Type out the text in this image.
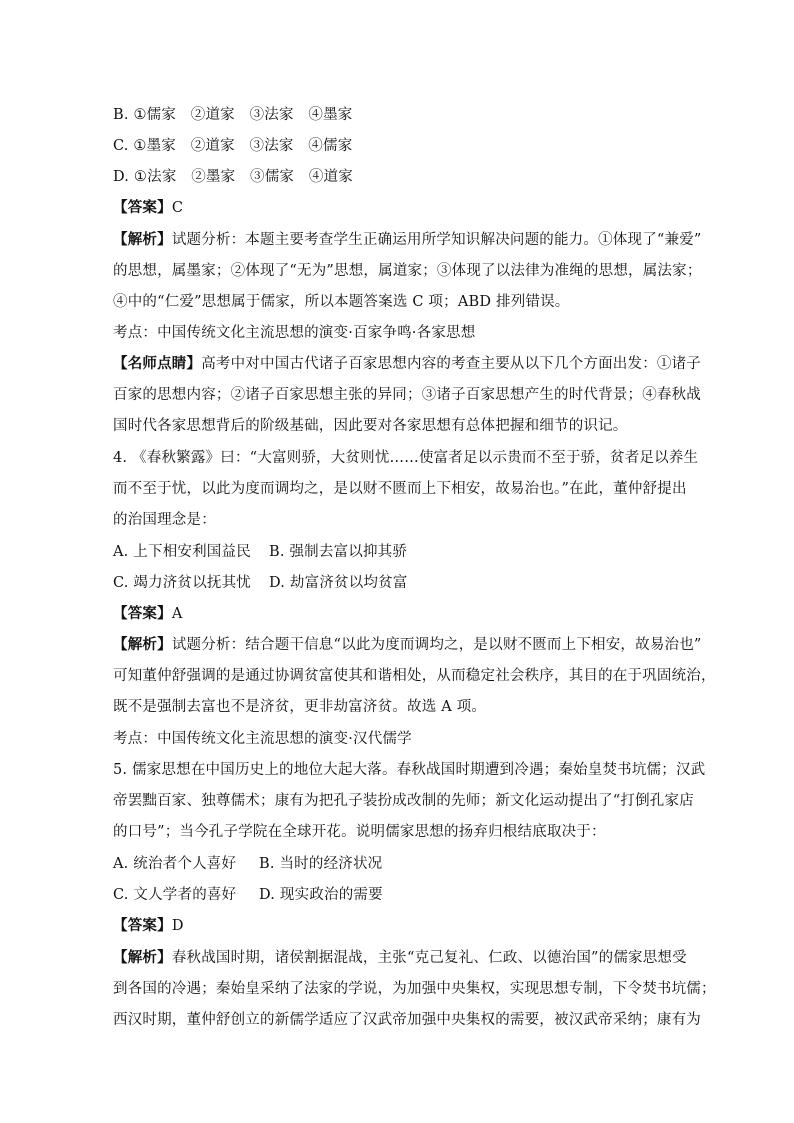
B. ①儒家　②道家　③法家　④墨家
C. ①墨家　②道家　③法家　④儒家
D. ①法家　②墨家　③儒家　④道家
【答案】C
【解析】试题分析：本题主要考查学生正确运用所学知识解决问题的能力。①体现了“兼爱”
的思想，属墨家；②体现了“无为”思想，属道家；③体现了以法律为准绳的思想，属法家；
④中的“仁爱”思想属于儒家，所以本题答案选 C 项；ABD 排列错误。
考点：中国传统文化主流思想的演变·百家争鸣·各家思想
【名师点睛】高考中对中国古代诸子百家思想内容的考查主要从以下几个方面出发：①诸子
百家的思想内容；②诸子百家思想主张的异同；③诸子百家思想产生的时代背景；④春秋战
国时代各家思想背后的阶级基础，因此要对各家思想有总体把握和细节的识记。
4. 《春秋繁露》曰：“大富则骄，大贫则忧……使富者足以示贵而不至于骄，贫者足以养生
而不至于忧，以此为度而调均之，是以财不匮而上下相安，故易治也。”在此，董仲舒提出
的治国理念是：
A. 上下相安利国益民 B. 强制去富以抑其骄
C. 竭力济贫以抚其忧 D. 劫富济贫以均贫富
【答案】A
【解析】试题分析：结合题干信息“以此为度而调均之，是以财不匮而上下相安，故易治也”
可知董仲舒强调的是通过协调贫富使其和谐相处，从而稳定社会秩序，其目的在于巩固统治，
既不是强制去富也不是济贫，更非劫富济贫。故选 A 项。
考点：中国传统文化主流思想的演变·汉代儒学
5. 儒家思想在中国历史上的地位大起大落。春秋战国时期遭到冷遇；秦始皇焚书坑儒；汉武
帝罢黜百家、独尊儒术；康有为把孔子装扮成改制的先师；新文化运动提出了“打倒孔家店
的口号”；当今孔子学院在全球开花。说明儒家思想的扬弃归根结底取决于：
A. 统治者个人喜好 B. 当时的经济状况
C. 文人学者的喜好 D. 现实政治的需要
【答案】D
【解析】春秋战国时期，诸侯割据混战，主张“克己复礼、仁政、以德治国”的儒家思想受
到各国的冷遇；秦始皇采纳了法家的学说，为加强中央集权，实现思想专制，下令焚书坑儒；
西汉时期，董仲舒创立的新儒学适应了汉武帝加强中央集权的需要，被汉武帝采纳；康有为
